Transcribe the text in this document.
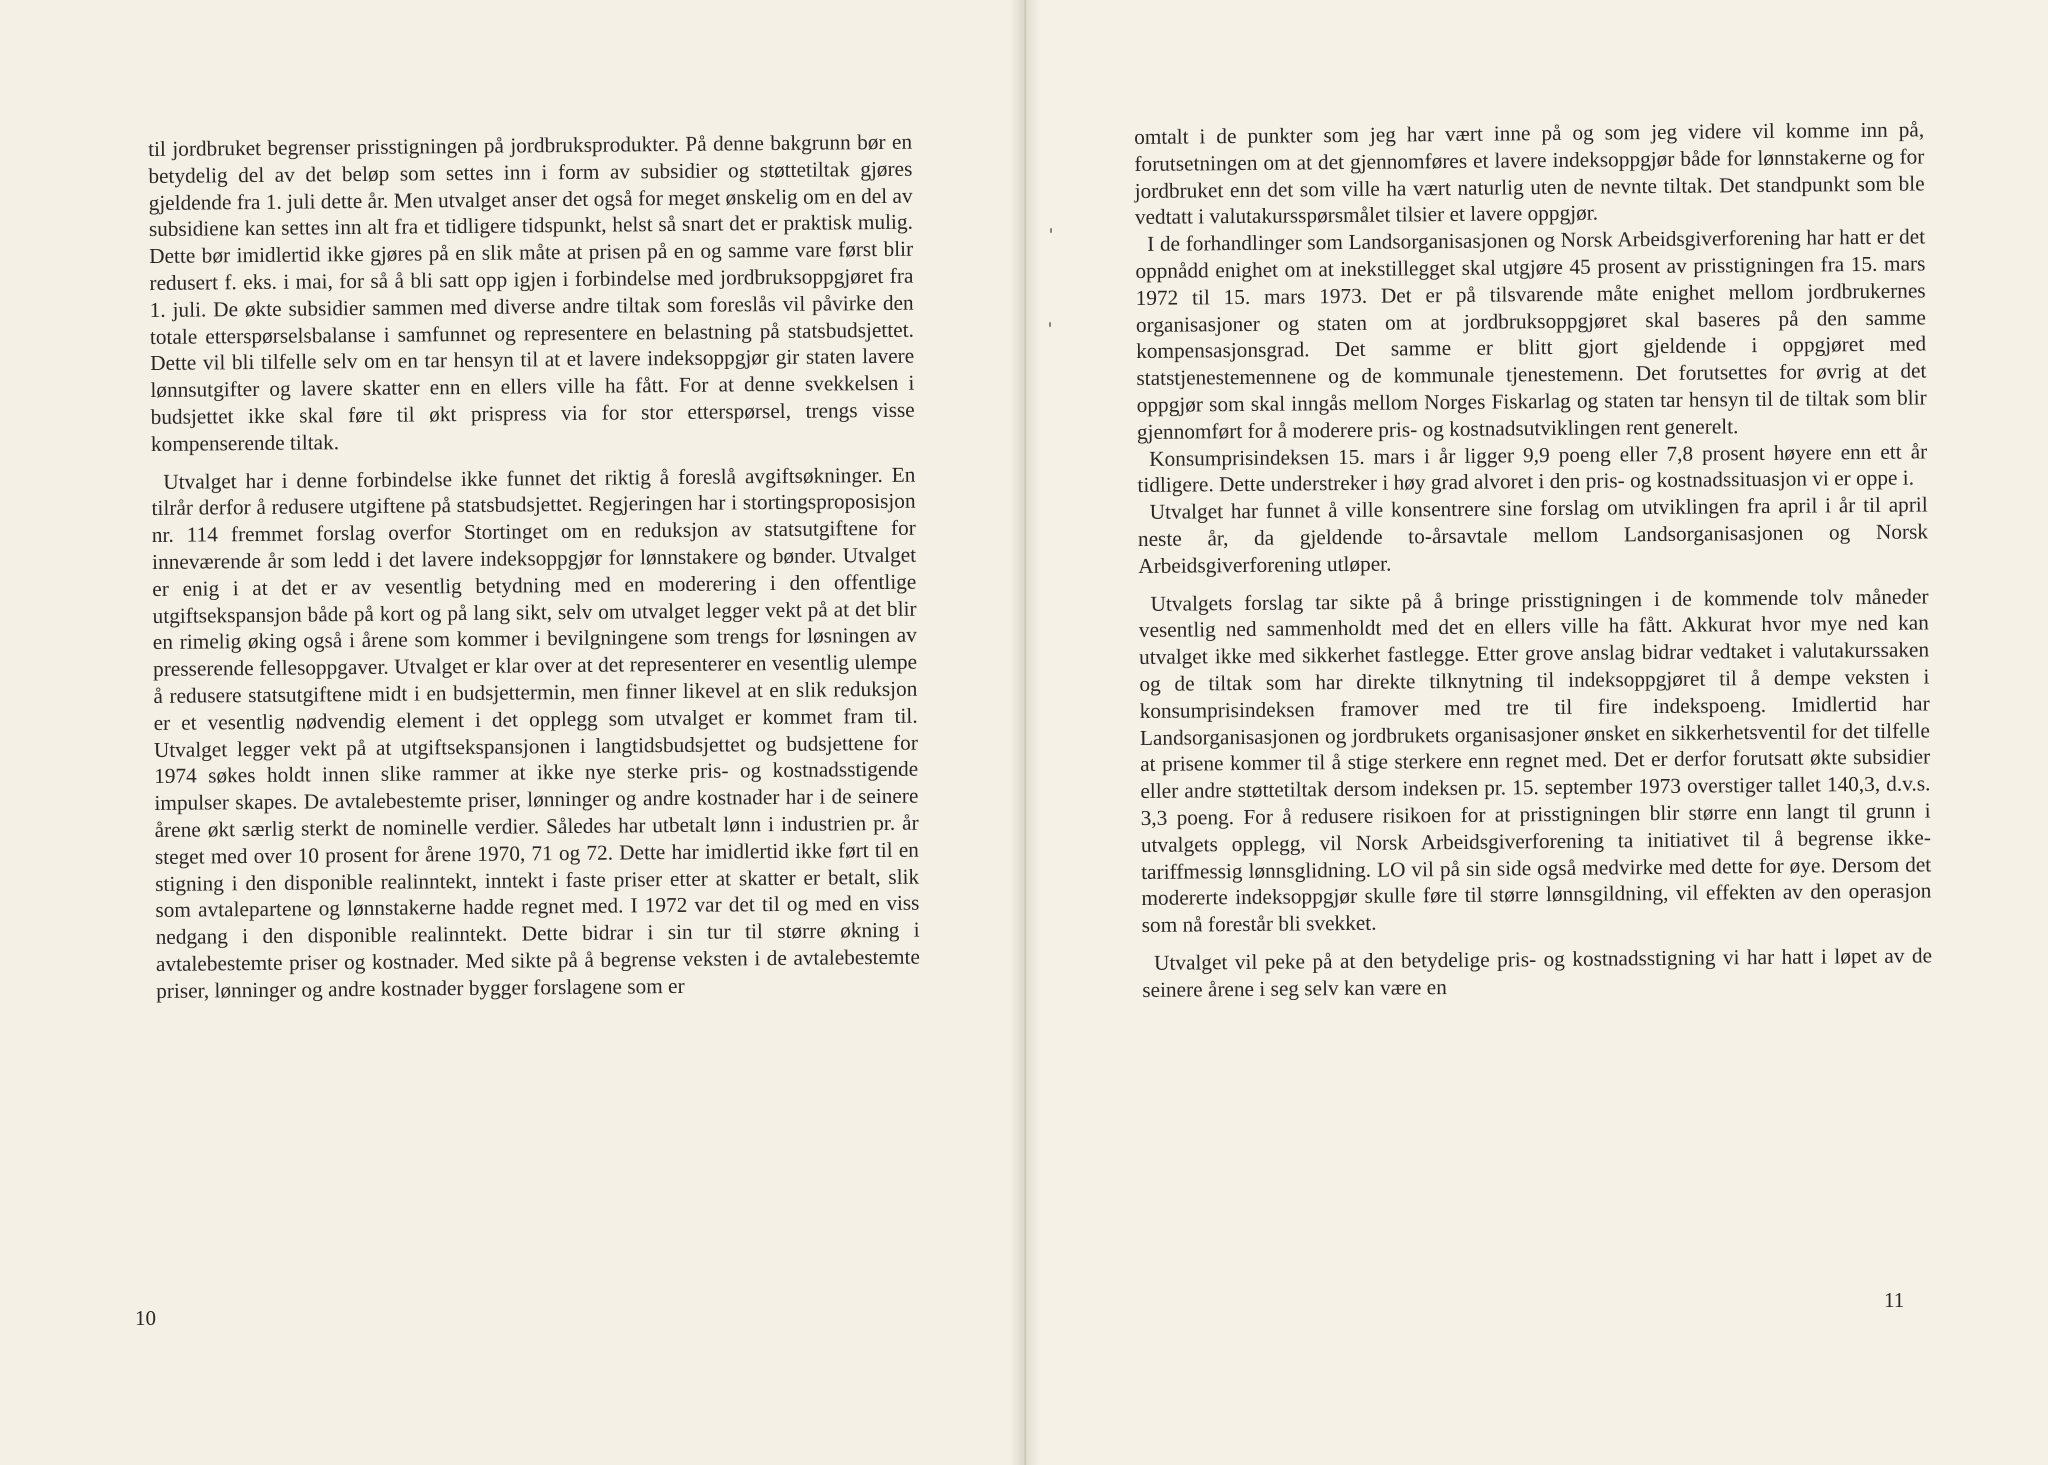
til jordbruket begrenser prisstigningen på jordbruksprodukter. På denne bakgrunn bør en betydelig del av det beløp som settes inn i form av subsidier og støttetiltak gjøres gjeldende fra 1. juli dette år. Men utvalget anser det også for meget ønskelig om en del av subsidiene kan settes inn alt fra et tidligere tidspunkt, helst så snart det er praktisk mulig. Dette bør imidlertid ikke gjøres på en slik måte at prisen på en og samme vare først blir redusert f. eks. i mai, for så å bli satt opp igjen i forbindelse med jordbruksoppgjøret fra 1. juli. De økte subsidier sammen med diverse andre tiltak som foreslås vil påvirke den totale etterspørselsbalanse i samfunnet og representere en belastning på statsbudsjettet. Dette vil bli tilfelle selv om en tar hensyn til at et lavere indeksoppgjør gir staten lavere lønnsutgifter og lavere skatter enn en ellers ville ha fått. For at denne svekkelsen i budsjettet ikke skal føre til økt prispress via for stor etterspørsel, trengs visse kompenserende tiltak.

Utvalget har i denne forbindelse ikke funnet det riktig å foreslå avgiftsøkninger. En tilrår derfor å redusere utgiftene på statsbudsjettet. Regjeringen har i stortingsproposisjon nr. 114 fremmet forslag overfor Stortinget om en reduksjon av statsutgiftene for inneværende år som ledd i det lavere indeksoppgjør for lønnstakere og bønder. Utvalget er enig i at det er av vesentlig betydning med en moderering i den offentlige utgiftsekspansjon både på kort og på lang sikt, selv om utvalget legger vekt på at det blir en rimelig øking også i årene som kommer i bevilgningene som trengs for løsningen av presserende fellesoppgaver. Utvalget er klar over at det representerer en vesentlig ulempe å redusere statsutgiftene midt i en budsjettermin, men finner likevel at en slik reduksjon er et vesentlig nødvendig element i det opplegg som utvalget er kommet fram til. Utvalget legger vekt på at utgiftsekspansjonen i langtidsbudsjettet og budsjettene for 1974 søkes holdt innen slike rammer at ikke nye sterke pris- og kostnadsstigende impulser skapes. De avtalebestemte priser, lønninger og andre kostnader har i de seinere årene økt særlig sterkt de nominelle verdier. Således har utbetalt lønn i industrien pr. år steget med over 10 prosent for årene 1970, 71 og 72. Dette har imidlertid ikke ført til en stigning i den disponible realinntekt, inntekt i faste priser etter at skatter er betalt, slik som avtalepartene og lønnstakerne hadde regnet med. I 1972 var det til og med en viss nedgang i den disponible realinntekt. Dette bidrar i sin tur til større økning i avtalebestemte priser og kostnader. Med sikte på å begrense veksten i de avtalebestemte priser, lønninger og andre kostnader bygger forslagene som er

10

omtalt i de punkter som jeg har vært inne på og som jeg videre vil komme inn på, forutsetningen om at det gjennomføres et lavere indeksoppgjør både for lønnstakerne og for jordbruket enn det som ville ha vært naturlig uten de nevnte tiltak. Det standpunkt som ble vedtatt i valutakursspørsmålet tilsier et lavere oppgjør.

I de forhandlinger som Landsorganisasjonen og Norsk Arbeidsgiverforening har hatt er det oppnådd enighet om at inekstillegget skal utgjøre 45 prosent av prisstigningen fra 15. mars 1972 til 15. mars 1973. Det er på tilsvarende måte enighet mellom jordbrukernes organisasjoner og staten om at jordbruksoppgjøret skal baseres på den samme kompensasjonsgrad. Det samme er blitt gjort gjeldende i oppgjøret med statstjenestemennene og de kommunale tjenestemenn. Det forutsettes for øvrig at det oppgjør som skal inngås mellom Norges Fiskarlag og staten tar hensyn til de tiltak som blir gjennomført for å moderere pris- og kostnadsutviklingen rent generelt.

Konsumprisindeksen 15. mars i år ligger 9,9 poeng eller 7,8 prosent høyere enn ett år tidligere. Dette understreker i høy grad alvoret i den pris- og kostnadssituasjon vi er oppe i.

Utvalget har funnet å ville konsentrere sine forslag om utviklingen fra april i år til april neste år, da gjeldende to-årsavtale mellom Landsorganisasjonen og Norsk Arbeidsgiverforening utløper.

Utvalgets forslag tar sikte på å bringe prisstigningen i de kommende tolv måneder vesentlig ned sammenholdt med det en ellers ville ha fått. Akkurat hvor mye ned kan utvalget ikke med sikkerhet fastlegge. Etter grove anslag bidrar vedtaket i valutakurssaken og de tiltak som har direkte tilknytning til indeksoppgjøret til å dempe veksten i konsumprisindeksen framover med tre til fire indekspoeng. Imidlertid har Landsorganisasjonen og jordbrukets organisasjoner ønsket en sikkerhetsventil for det tilfelle at prisene kommer til å stige sterkere enn regnet med. Det er derfor forutsatt økte subsidier eller andre støttetiltak dersom indeksen pr. 15. september 1973 overstiger tallet 140,3, d.v.s. 3,3 poeng. For å redusere risikoen for at prisstigningen blir større enn langt til grunn i utvalgets opplegg, vil Norsk Arbeidsgiverforening ta initiativet til å begrense ikke-tariffmessig lønnsglidning. LO vil på sin side også medvirke med dette for øye. Dersom det modererte indeksoppgjør skulle føre til større lønnsgildning, vil effekten av den operasjon som nå forestår bli svekket.

Utvalget vil peke på at den betydelige pris- og kostnadsstigning vi har hatt i løpet av de seinere årene i seg selv kan være en

11
